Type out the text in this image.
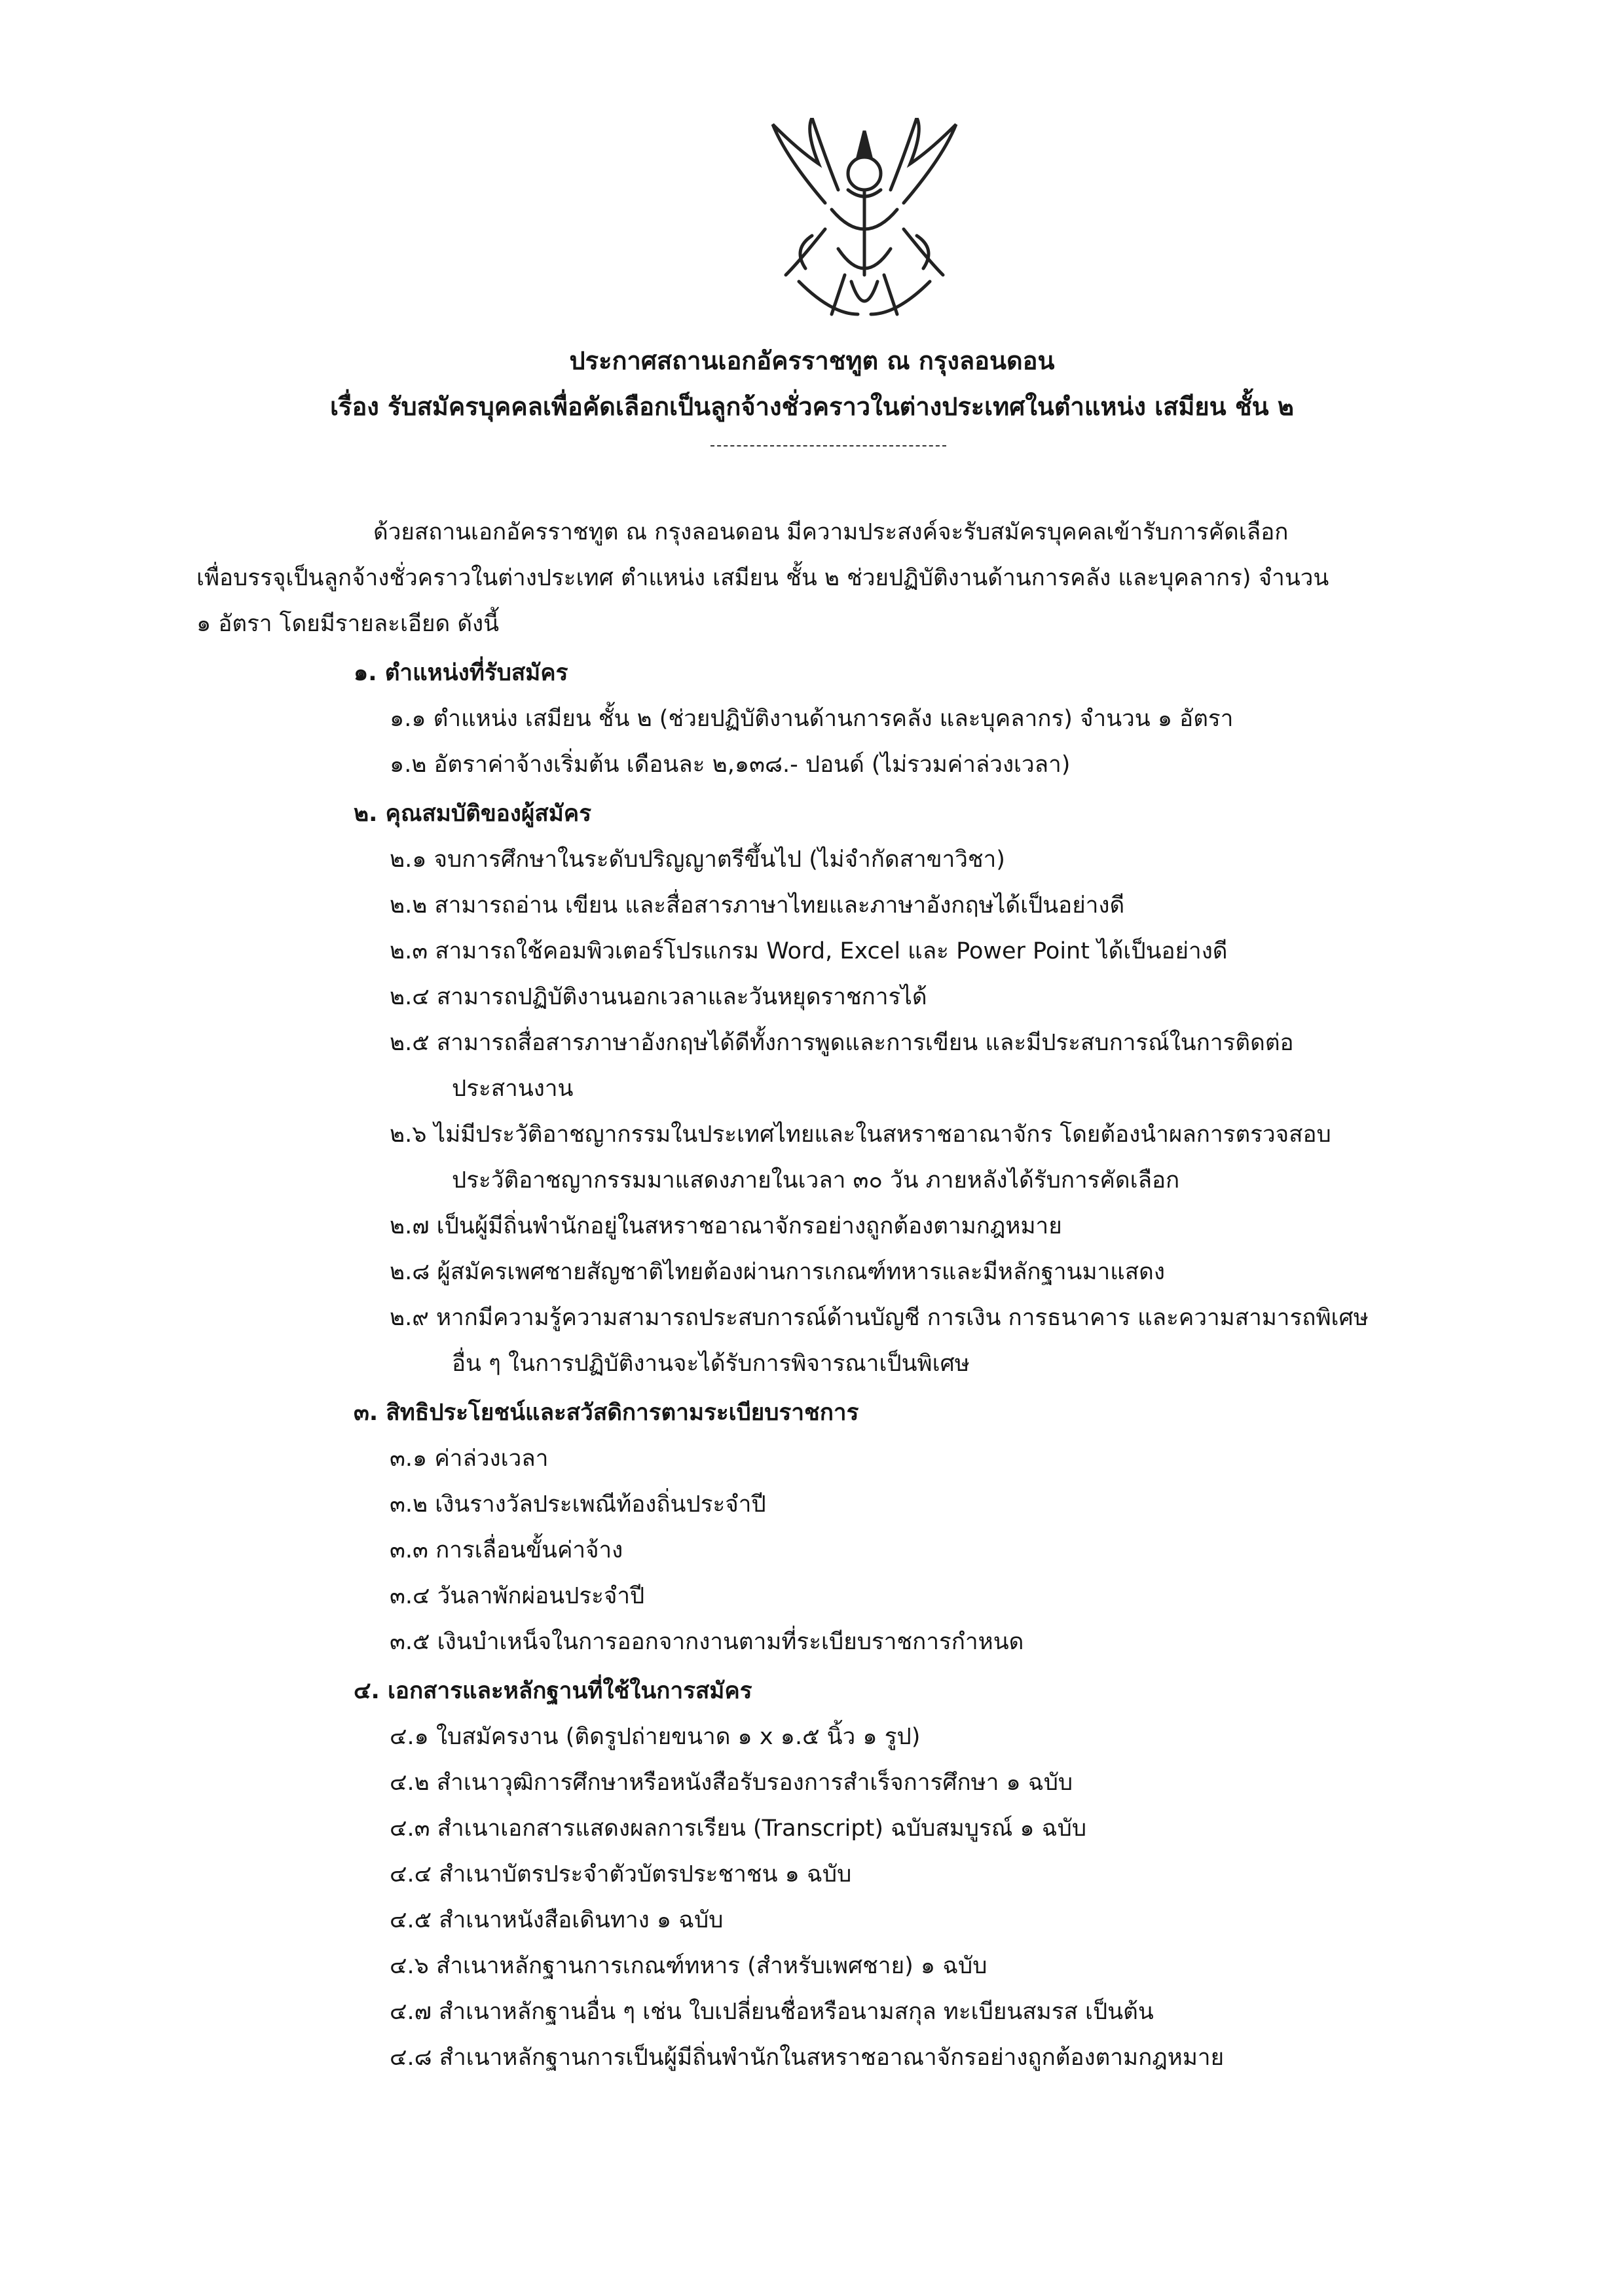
ประกาศสถานเอกอัครราชทูต ณ กรุงลอนดอน
เรื่อง รับสมัครบุคคลเพื่อคัดเลือกเป็นลูกจ้างชั่วคราวในต่างประเทศในตำแหน่ง เสมียน ชั้น ๒
ด้วยสถานเอกอัครราชทูต ณ กรุงลอนดอน มีความประสงค์จะรับสมัครบุคคลเข้ารับการคัดเลือก
เพื่อบรรจุเป็นลูกจ้างชั่วคราวในต่างประเทศ ตำแหน่ง เสมียน ชั้น ๒ ช่วยปฏิบัติงานด้านการคลัง และบุคลากร) จำนวน
๑ อัตรา โดยมีรายละเอียด ดังนี้
๑. ตำแหน่งที่รับสมัคร
๑.๑ ตำแหน่ง เสมียน ชั้น ๒ (ช่วยปฏิบัติงานด้านการคลัง และบุคลากร) จำนวน ๑ อัตรา
๑.๒ อัตราค่าจ้างเริ่มต้น เดือนละ ๒,๑๓๘.- ปอนด์ (ไม่รวมค่าล่วงเวลา)
๒. คุณสมบัติของผู้สมัคร
๒.๑ จบการศึกษาในระดับปริญญาตรีขึ้นไป (ไม่จำกัดสาขาวิชา)
๒.๒ สามารถอ่าน เขียน และสื่อสารภาษาไทยและภาษาอังกฤษได้เป็นอย่างดี
๒.๓ สามารถใช้คอมพิวเตอร์โปรแกรม Word, Excel และ Power Point ได้เป็นอย่างดี
๒.๔ สามารถปฏิบัติงานนอกเวลาและวันหยุดราชการได้
๒.๕ สามารถสื่อสารภาษาอังกฤษได้ดีทั้งการพูดและการเขียน และมีประสบการณ์ในการติดต่อ
ประสานงาน
๒.๖ ไม่มีประวัติอาชญากรรมในประเทศไทยและในสหราชอาณาจักร โดยต้องนำผลการตรวจสอบ
ประวัติอาชญากรรมมาแสดงภายในเวลา ๓๐ วัน ภายหลังได้รับการคัดเลือก
๒.๗ เป็นผู้มีถิ่นพำนักอยู่ในสหราชอาณาจักรอย่างถูกต้องตามกฎหมาย
๒.๘ ผู้สมัครเพศชายสัญชาติไทยต้องผ่านการเกณฑ์ทหารและมีหลักฐานมาแสดง
๒.๙ หากมีความรู้ความสามารถประสบการณ์ด้านบัญชี การเงิน การธนาคาร และความสามารถพิเศษ
อื่น ๆ ในการปฏิบัติงานจะได้รับการพิจารณาเป็นพิเศษ
๓. สิทธิประโยชน์และสวัสดิการตามระเบียบราชการ
๓.๑ ค่าล่วงเวลา
๓.๒ เงินรางวัลประเพณีท้องถิ่นประจำปี
๓.๓ การเลื่อนขั้นค่าจ้าง
๓.๔ วันลาพักผ่อนประจำปี
๓.๕ เงินบำเหน็จในการออกจากงานตามที่ระเบียบราชการกำหนด
๔. เอกสารและหลักฐานที่ใช้ในการสมัคร
๔.๑ ใบสมัครงาน (ติดรูปถ่ายขนาด ๑ x ๑.๕ นิ้ว ๑ รูป)
๔.๒ สำเนาวุฒิการศึกษาหรือหนังสือรับรองการสำเร็จการศึกษา ๑ ฉบับ
๔.๓ สำเนาเอกสารแสดงผลการเรียน (Transcript) ฉบับสมบูรณ์ ๑ ฉบับ
๔.๔ สำเนาบัตรประจำตัวบัตรประชาชน ๑ ฉบับ
๔.๕ สำเนาหนังสือเดินทาง ๑ ฉบับ
๔.๖ สำเนาหลักฐานการเกณฑ์ทหาร (สำหรับเพศชาย) ๑ ฉบับ
๔.๗ สำเนาหลักฐานอื่น ๆ เช่น ใบเปลี่ยนชื่อหรือนามสกุล ทะเบียนสมรส เป็นต้น
๔.๘ สำเนาหลักฐานการเป็นผู้มีถิ่นพำนักในสหราชอาณาจักรอย่างถูกต้องตามกฎหมาย
